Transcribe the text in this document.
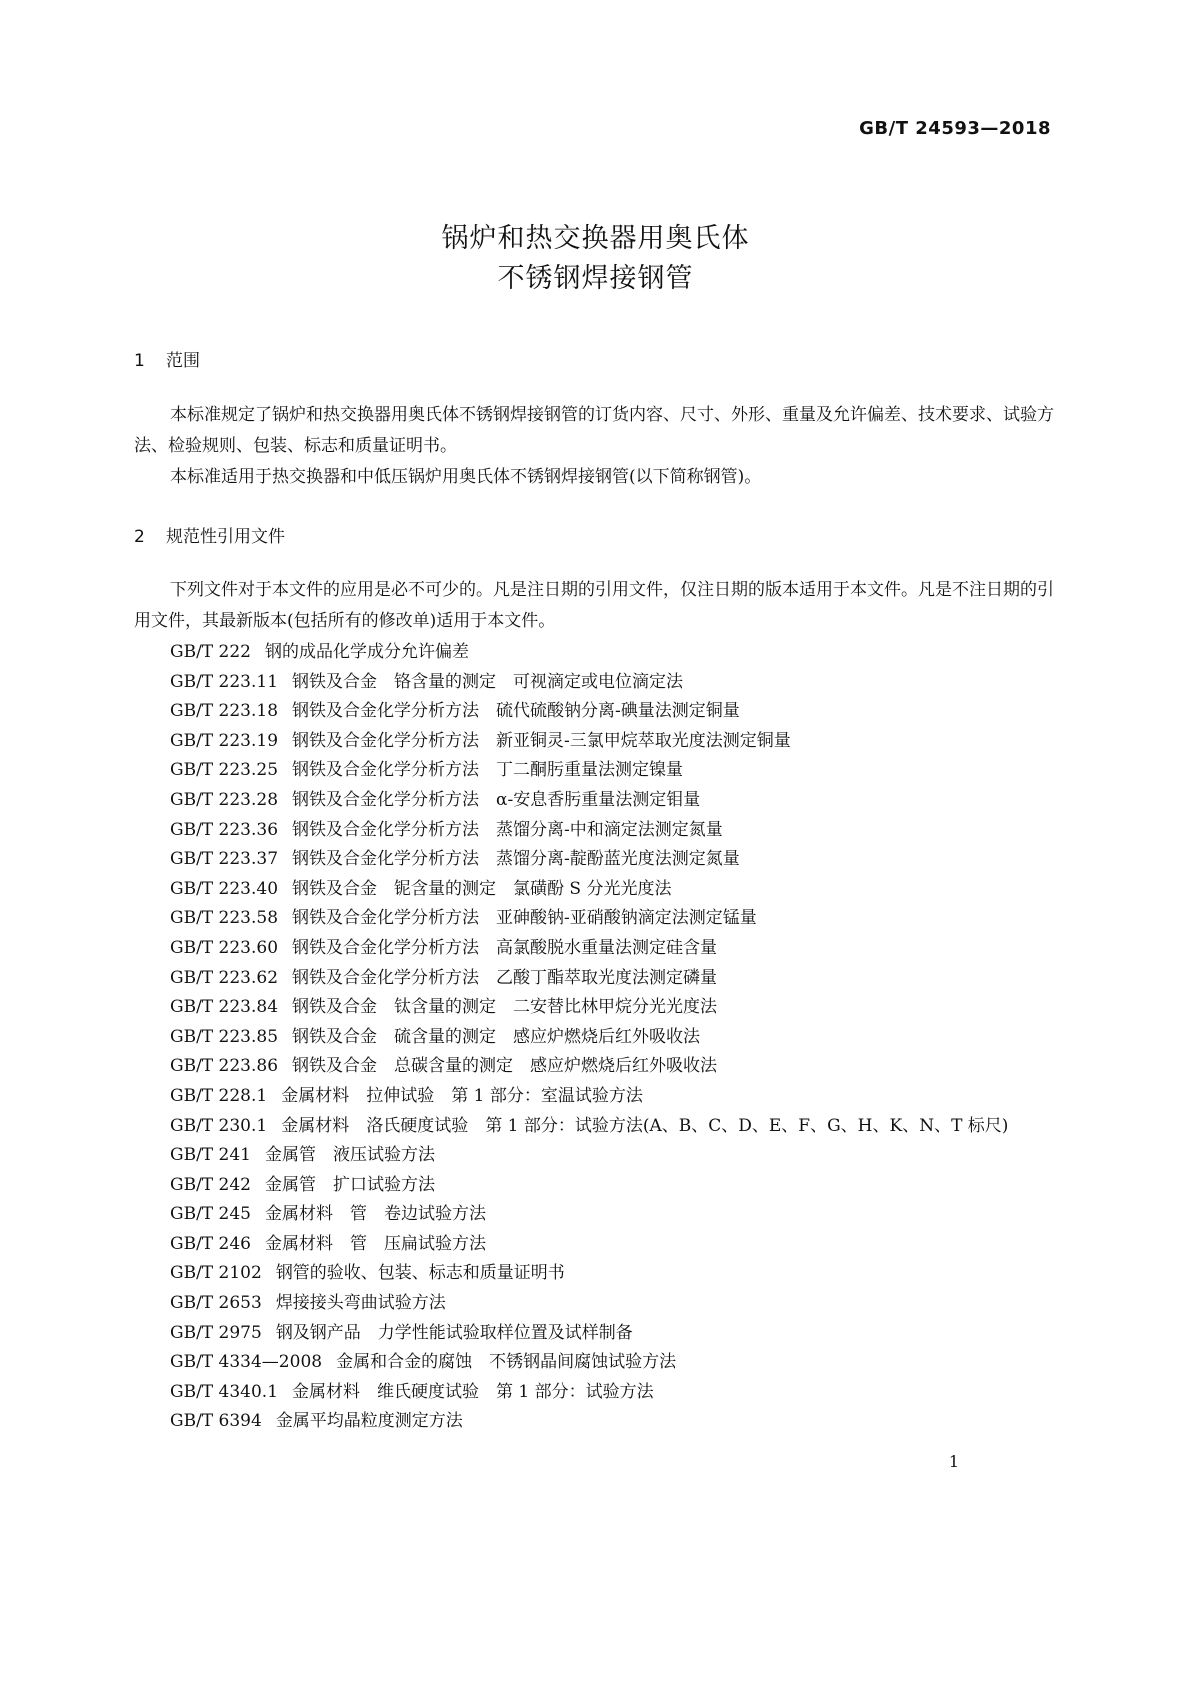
GB/T 24593—2018
锅炉和热交换器用奥氏体
不锈钢焊接钢管
1 范围
本标准规定了锅炉和热交换器用奥氏体不锈钢焊接钢管的订货内容、尺寸、外形、重量及允许偏差、技术要求、试验方法、检验规则、包装、标志和质量证明书。
本标准适用于热交换器和中低压锅炉用奥氏体不锈钢焊接钢管(以下简称钢管)。
2 规范性引用文件
下列文件对于本文件的应用是必不可少的。凡是注日期的引用文件，仅注日期的版本适用于本文件。凡是不注日期的引用文件，其最新版本(包括所有的修改单)适用于本文件。
GB/T 222 钢的成品化学成分允许偏差
GB/T 223.11 钢铁及合金　铬含量的测定　可视滴定或电位滴定法
GB/T 223.18 钢铁及合金化学分析方法　硫代硫酸钠分离-碘量法测定铜量
GB/T 223.19 钢铁及合金化学分析方法　新亚铜灵-三氯甲烷萃取光度法测定铜量
GB/T 223.25 钢铁及合金化学分析方法　丁二酮肟重量法测定镍量
GB/T 223.28 钢铁及合金化学分析方法　α-安息香肟重量法测定钼量
GB/T 223.36 钢铁及合金化学分析方法　蒸馏分离-中和滴定法测定氮量
GB/T 223.37 钢铁及合金化学分析方法　蒸馏分离-靛酚蓝光度法测定氮量
GB/T 223.40 钢铁及合金　铌含量的测定　氯磺酚 S 分光光度法
GB/T 223.58 钢铁及合金化学分析方法　亚砷酸钠-亚硝酸钠滴定法测定锰量
GB/T 223.60 钢铁及合金化学分析方法　高氯酸脱水重量法测定硅含量
GB/T 223.62 钢铁及合金化学分析方法　乙酸丁酯萃取光度法测定磷量
GB/T 223.84 钢铁及合金　钛含量的测定　二安替比林甲烷分光光度法
GB/T 223.85 钢铁及合金　硫含量的测定　感应炉燃烧后红外吸收法
GB/T 223.86 钢铁及合金　总碳含量的测定　感应炉燃烧后红外吸收法
GB/T 228.1 金属材料　拉伸试验　第 1 部分：室温试验方法
GB/T 230.1 金属材料　洛氏硬度试验　第 1 部分：试验方法(A、B、C、D、E、F、G、H、K、N、T 标尺)
GB/T 241 金属管　液压试验方法
GB/T 242 金属管　扩口试验方法
GB/T 245 金属材料　管　卷边试验方法
GB/T 246 金属材料　管　压扁试验方法
GB/T 2102 钢管的验收、包装、标志和质量证明书
GB/T 2653 焊接接头弯曲试验方法
GB/T 2975 钢及钢产品　力学性能试验取样位置及试样制备
GB/T 4334—2008 金属和合金的腐蚀　不锈钢晶间腐蚀试验方法
GB/T 4340.1 金属材料　维氏硬度试验　第 1 部分：试验方法
GB/T 6394 金属平均晶粒度测定方法
1
